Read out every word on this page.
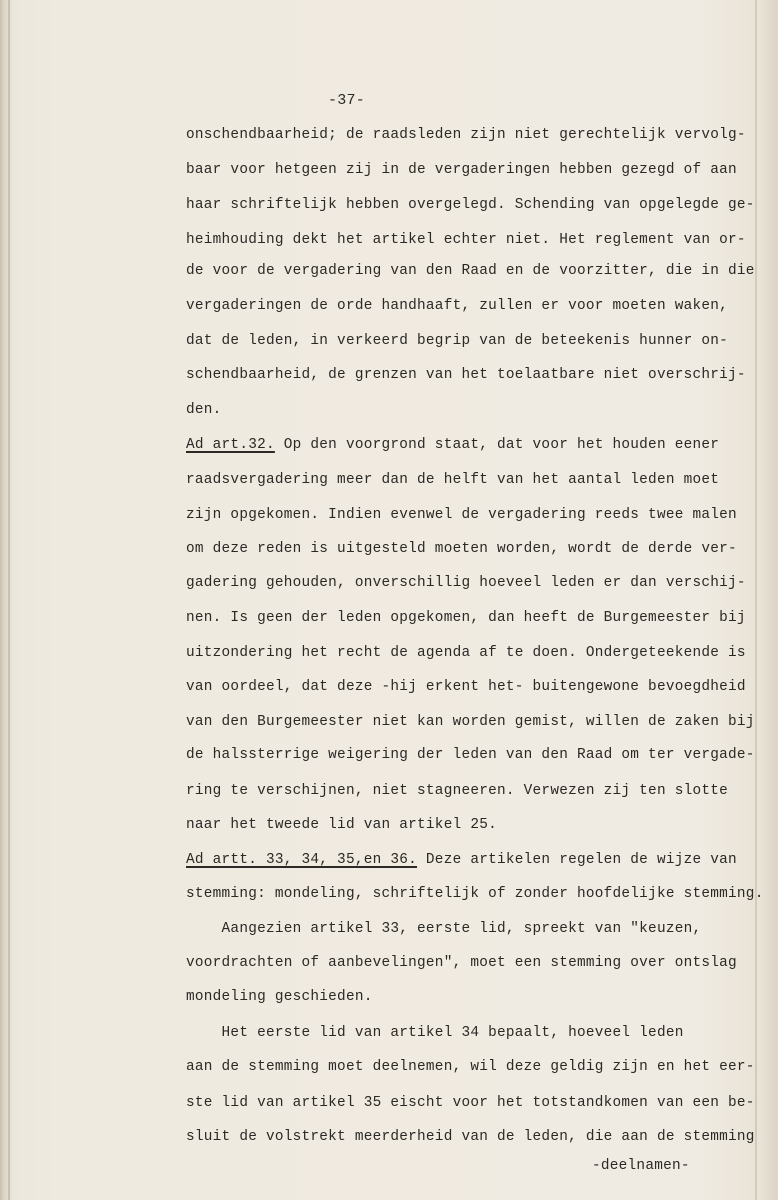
-37-

onschendbaarheid; de raadsleden zijn niet gerechtelijk vervolg-

baar voor hetgeen zij in de vergaderingen hebben gezegd of aan

haar schriftelijk hebben overgelegd. Schending van opgelegde ge-

heimhouding dekt het artikel echter niet. Het reglement van or-

de voor de vergadering van den Raad en de voorzitter, die in die

vergaderingen de orde handhaaft, zullen er voor moeten waken,

dat de leden, in verkeerd begrip van de beteekenis hunner on-

schendbaarheid, de grenzen van het toelaatbare niet overschrij-

den.

Ad art.32. Op den voorgrond staat, dat voor het houden eener

raadsvergadering meer dan de helft van het aantal leden moet

zijn opgekomen. Indien evenwel de vergadering reeds twee malen

om deze reden is uitgesteld moeten worden, wordt de derde ver-

gadering gehouden, onverschillig hoeveel leden er dan verschij-

nen. Is geen der leden opgekomen, dan heeft de Burgemeester bij

uitzondering het recht de agenda af te doen. Ondergeteekende is

van oordeel, dat deze -hij erkent het- buitengewone bevoegdheid

van den Burgemeester niet kan worden gemist, willen de zaken bij

de halssterrige weigering der leden van den Raad om ter vergade-

ring te verschijnen, niet stagneeren. Verwezen zij ten slotte

naar het tweede lid van artikel 25.

Ad artt. 33, 34, 35,en 36. Deze artikelen regelen de wijze van

stemming: mondeling, schriftelijk of zonder hoofdelijke stemming.

Aangezien artikel 33, eerste lid, spreekt van "keuzen,

voordrachten of aanbevelingen", moet een stemming over ontslag

mondeling geschieden.

Het eerste lid van artikel 34 bepaalt, hoeveel leden

aan de stemming moet deelnemen, wil deze geldig zijn en het eer-

ste lid van artikel 35 eischt voor het totstandkomen van een be-

sluit de volstrekt meerderheid van de leden, die aan de stemming

-deelnamen-
